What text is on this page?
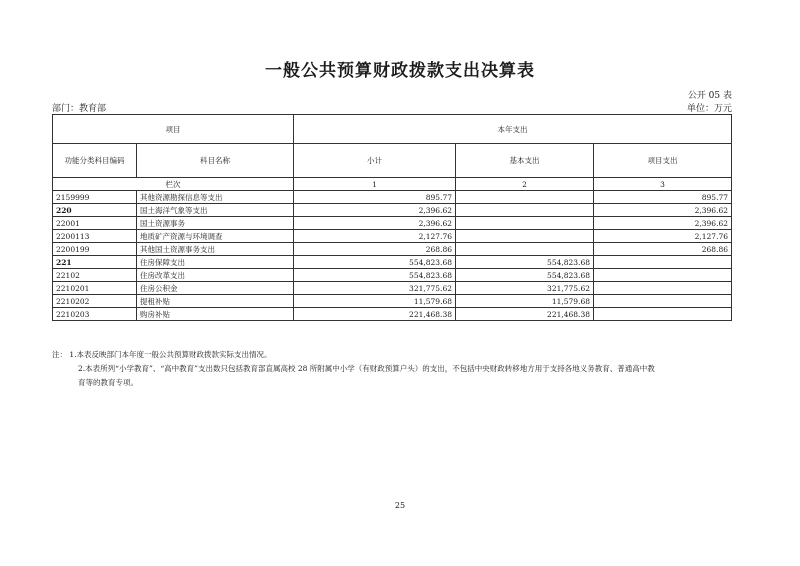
一般公共预算财政拨款支出决算表
公开 05 表
部门：教育部	单位：万元
项目		本年支出		
功能分类科目编码	科目名称	小计	基本支出	项目支出
栏次		1	2	3
2159999	其他资源勘探信息等支出	895.77		895.77
220	国土海洋气象等支出	2,396.62		2,396.62
22001	国土资源事务	2,396.62		2,396.62
2200113	地质矿产资源与环境调查	2,127.76		2,127.76
2200199	其他国土资源事务支出	268.86		268.86
221	住房保障支出	554,823.68	554,823.68	
22102	住房改革支出	554,823.68	554,823.68	
2210201	住房公积金	321,775.62	321,775.62	
2210202	提租补贴	11,579.68	11,579.68	
2210203	购房补贴	221,468.38	221,468.38	
注： 1.本表反映部门本年度一般公共预算财政拨款实际支出情况。
2.本表所列“小学教育”、“高中教育”支出数只包括教育部直属高校 28 所附属中小学（有财政预算户头）的支出，不包括中央财政转移地方用于支持各地义务教育、普通高中教
育等的教育专项。
25
